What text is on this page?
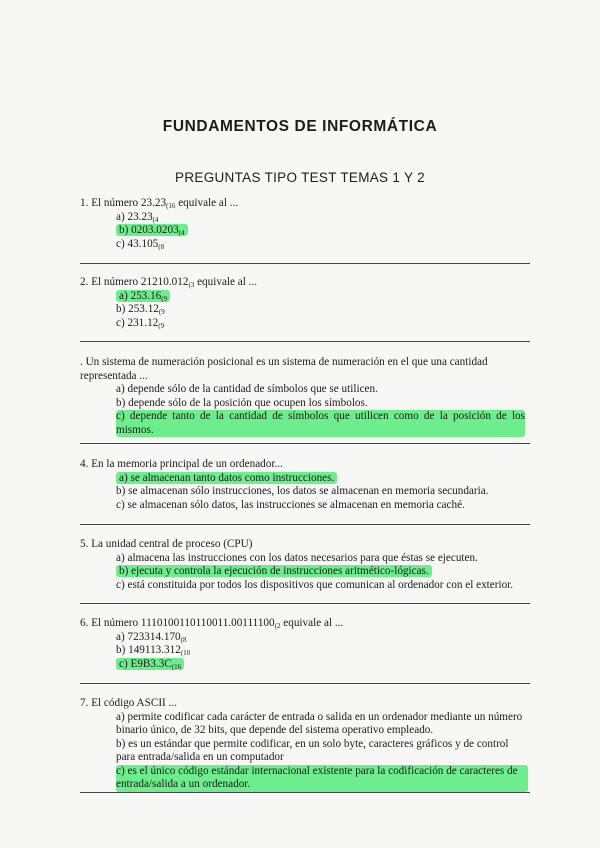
FUNDAMENTOS DE INFORMÁTICA
PREGUNTAS TIPO TEST TEMAS 1 Y 2

1. El número $23.23_{(16}$ equivale al ...

a) $23.23_{(4}$

b) $0203.0203_{(4}$

c) $43.105_{(8}$

2. El número $21210.012_{(3}$ equivale al ...

a) $253.16_{(9}$

b) $253.12_{(9}$

c) $231.12_{(9}$

. Un sistema de numeración posicional es un sistema de numeración en el que una cantidad representada ...

a) depende sólo de la cantidad de símbolos que se utilicen.

b) depende sólo de la posición que ocupen los símbolos.

c) depende tanto de la cantidad de símbolos que utilicen como de la posición de los mismos.

4. En la memoria principal de un ordenador...

a) se almacenan tanto datos como instrucciones.

b) se almacenan sólo instrucciones, los datos se almacenan en memoria secundaria.

c) se almacenan sólo datos, las instrucciones se almacenan en memoria caché.

5. La unidad central de proceso (CPU)

a) almacena las instrucciones con los datos necesarios para que éstas se ejecuten.

b) ejecuta y controla la ejecución de instrucciones aritmético-lógicas.

c) está constituida por todos los dispositivos que comunican al ordenador con el exterior.

6. El número $1110100110110011.00111100_{(2}$ equivale al ...

a) $723314.170_{(8}$

b) $149113.312_{(10}$

c) $E9B3.3C_{(16}$

7. El código ASCII ...

a) permite codificar cada carácter de entrada o salida en un ordenador mediante un número binario único, de 32 bits, que depende del sistema operativo empleado.

b) es un estándar que permite codificar, en un solo byte, caracteres gráficos y de control para entrada/salida en un computador

c) es el único código estándar internacional existente para la codificación de caracteres de entrada/salida a un ordenador.
